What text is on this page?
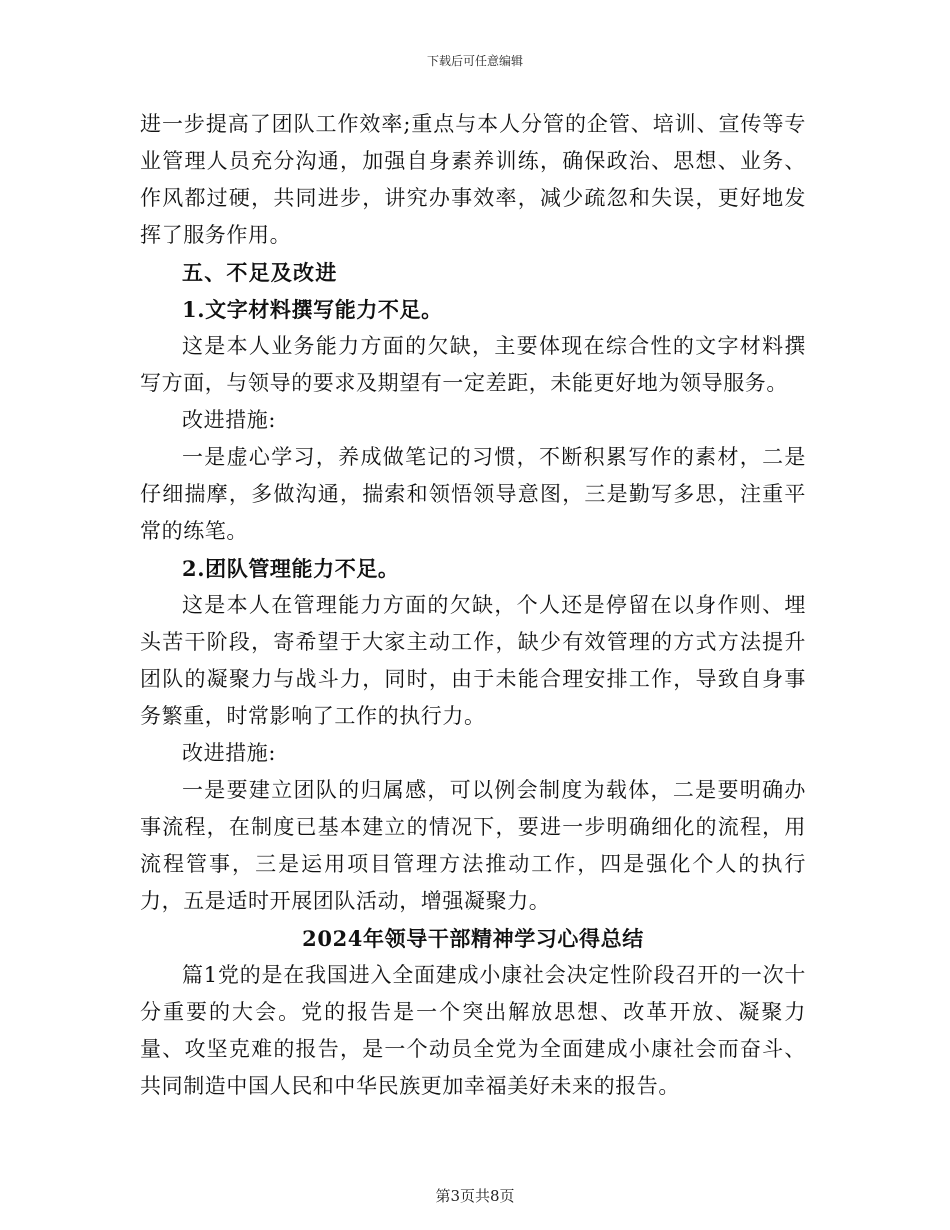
下载后可任意编辑

进一步提高了团队工作效率;重点与本人分管的企管、培训、宣传等专业管理人员充分沟通，加强自身素养训练，确保政治、思想、业务、作风都过硬，共同进步，讲究办事效率，减少疏忽和失误，更好地发挥了服务作用。

五、不足及改进

1.文字材料撰写能力不足。

这是本人业务能力方面的欠缺，主要体现在综合性的文字材料撰写方面，与领导的要求及期望有一定差距，未能更好地为领导服务。

改进措施:

一是虚心学习，养成做笔记的习惯，不断积累写作的素材，二是仔细揣摩，多做沟通，揣索和领悟领导意图，三是勤写多思，注重平常的练笔。

2.团队管理能力不足。

这是本人在管理能力方面的欠缺，个人还是停留在以身作则、埋头苦干阶段，寄希望于大家主动工作，缺少有效管理的方式方法提升团队的凝聚力与战斗力，同时，由于未能合理安排工作，导致自身事务繁重，时常影响了工作的执行力。

改进措施:

一是要建立团队的归属感，可以例会制度为载体，二是要明确办事流程，在制度已基本建立的情况下，要进一步明确细化的流程，用流程管事，三是运用项目管理方法推动工作，四是强化个人的执行力，五是适时开展团队活动，增强凝聚力。

2024年领导干部精神学习心得总结

篇1党的是在我国进入全面建成小康社会决定性阶段召开的一次十分重要的大会。党的报告是一个突出解放思想、改革开放、凝聚力量、攻坚克难的报告，是一个动员全党为全面建成小康社会而奋斗、共同制造中国人民和中华民族更加幸福美好未来的报告。

第3页共8页
